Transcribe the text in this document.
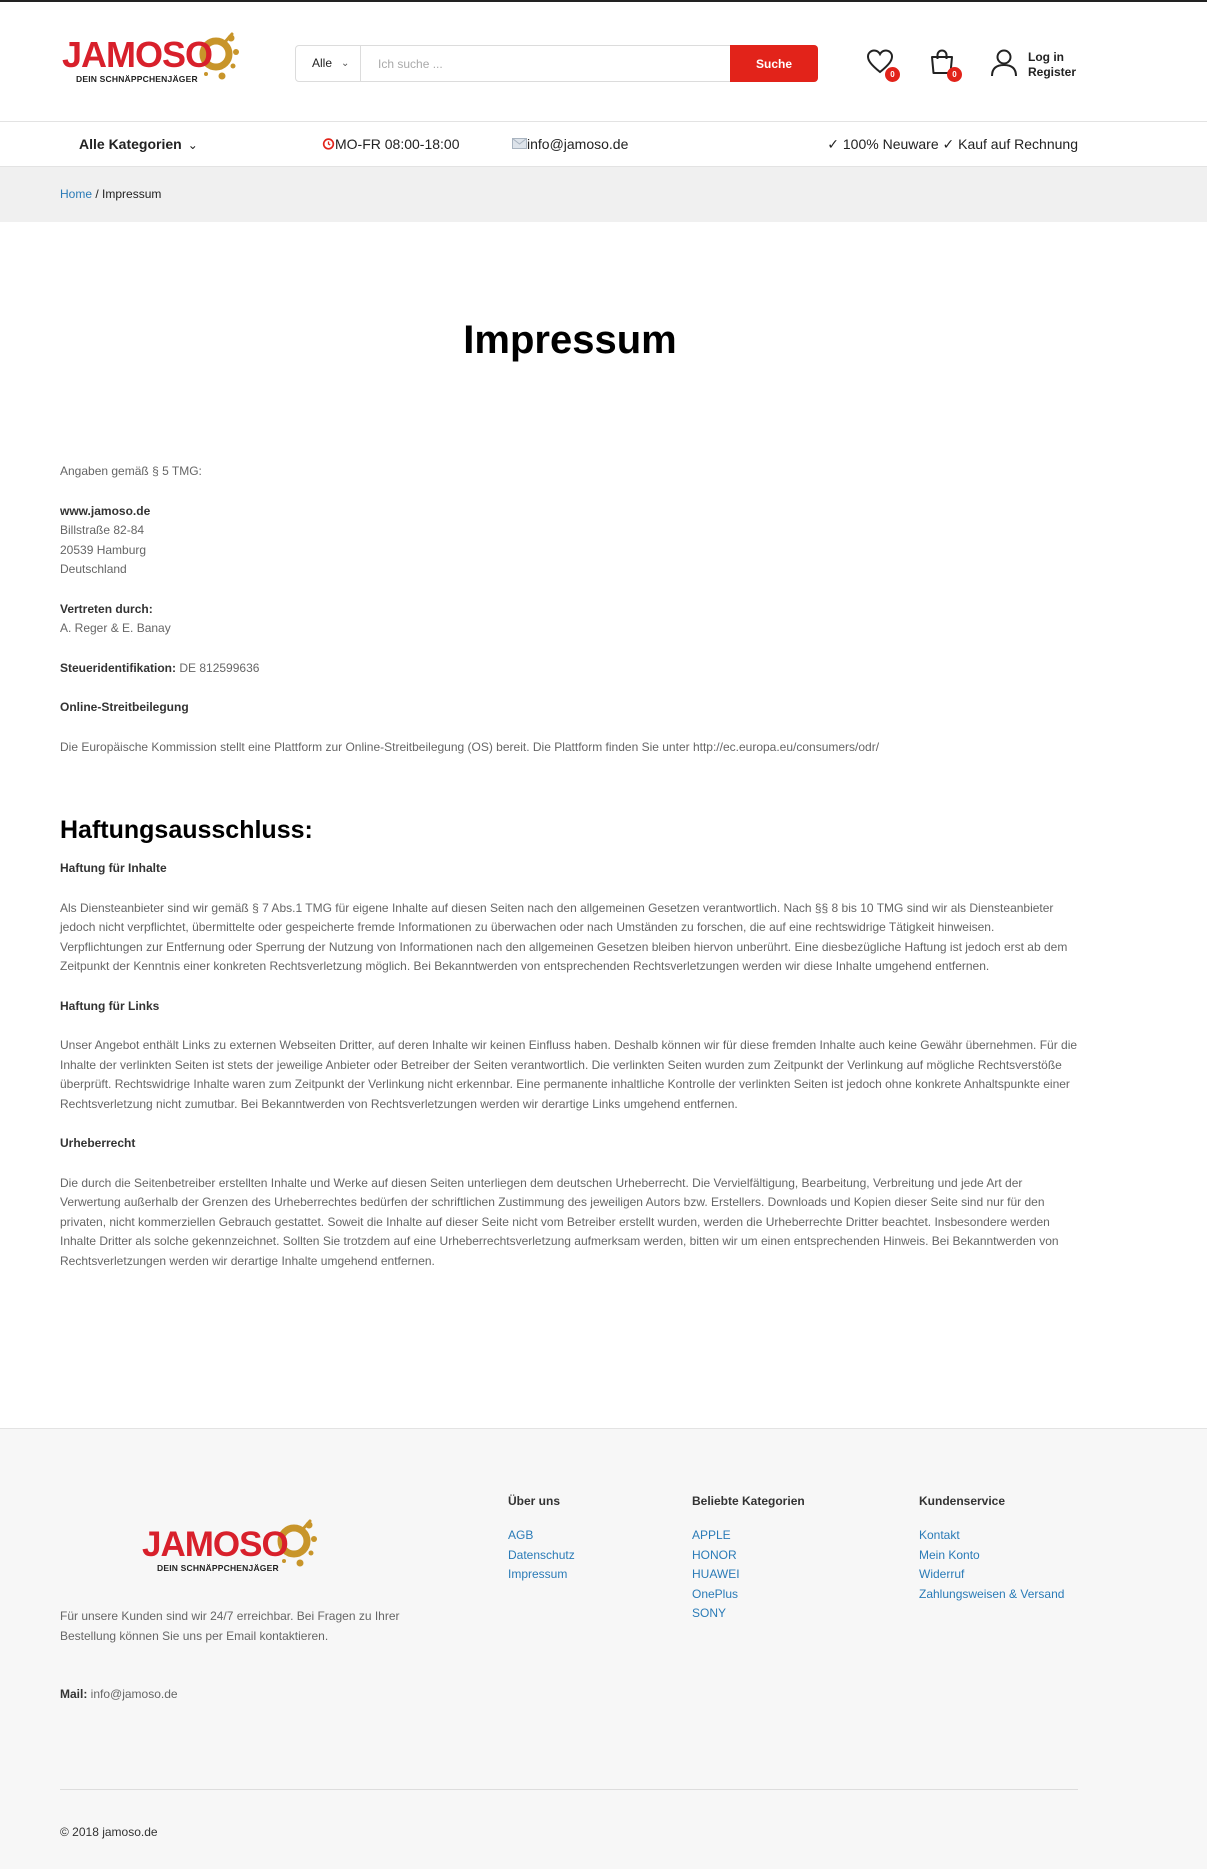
JAMOSO
DEIN SCHNÄPPCHENJÄGER
Alle ⌄
Ich suche ...	Suche
0	0
Log in
Register
Alle Kategorien ⌄	MO-FR 08:00-18:00	info@jamoso.de	✓ 100% Neuware ✓ Kauf auf Rechnung
Home / Impressum
Impressum

Angaben gemäß § 5 TMG:

www.jamoso.de

Billstraße 82-84

20539 Hamburg

Deutschland

Vertreten durch:

A. Reger & E. Banay

Steueridentifikation: DE 812599636

Online-Streitbeilegung

Die Europäische Kommission stellt eine Plattform zur Online-Streitbeilegung (OS) bereit. Die Plattform finden Sie unter http://ec.europa.eu/consumers/odr/

Haftungsausschluss:

Haftung für Inhalte

Als Diensteanbieter sind wir gemäß § 7 Abs.1 TMG für eigene Inhalte auf diesen Seiten nach den allgemeinen Gesetzen verantwortlich. Nach §§ 8 bis 10 TMG sind wir als Diensteanbieter jedoch nicht verpflichtet, übermittelte oder gespeicherte fremde Informationen zu überwachen oder nach Umständen zu forschen, die auf eine rechtswidrige Tätigkeit hinweisen. Verpflichtungen zur Entfernung oder Sperrung der Nutzung von Informationen nach den allgemeinen Gesetzen bleiben hiervon unberührt. Eine diesbezügliche Haftung ist jedoch erst ab dem Zeitpunkt der Kenntnis einer konkreten Rechtsverletzung möglich. Bei Bekanntwerden von entsprechenden Rechtsverletzungen werden wir diese Inhalte umgehend entfernen.

Haftung für Links

Unser Angebot enthält Links zu externen Webseiten Dritter, auf deren Inhalte wir keinen Einfluss haben. Deshalb können wir für diese fremden Inhalte auch keine Gewähr übernehmen. Für die Inhalte der verlinkten Seiten ist stets der jeweilige Anbieter oder Betreiber der Seiten verantwortlich. Die verlinkten Seiten wurden zum Zeitpunkt der Verlinkung auf mögliche Rechtsverstöße überprüft. Rechtswidrige Inhalte waren zum Zeitpunkt der Verlinkung nicht erkennbar. Eine permanente inhaltliche Kontrolle der verlinkten Seiten ist jedoch ohne konkrete Anhaltspunkte einer Rechtsverletzung nicht zumutbar. Bei Bekanntwerden von Rechtsverletzungen werden wir derartige Links umgehend entfernen.

Urheberrecht

Die durch die Seitenbetreiber erstellten Inhalte und Werke auf diesen Seiten unterliegen dem deutschen Urheberrecht. Die Vervielfältigung, Bearbeitung, Verbreitung und jede Art der Verwertung außerhalb der Grenzen des Urheberrechtes bedürfen der schriftlichen Zustimmung des jeweiligen Autors bzw. Erstellers. Downloads und Kopien dieser Seite sind nur für den privaten, nicht kommerziellen Gebrauch gestattet. Soweit die Inhalte auf dieser Seite nicht vom Betreiber erstellt wurden, werden die Urheberrechte Dritter beachtet. Insbesondere werden Inhalte Dritter als solche gekennzeichnet. Sollten Sie trotzdem auf eine Urheberrechtsverletzung aufmerksam werden, bitten wir um einen entsprechenden Hinweis. Bei Bekanntwerden von Rechtsverletzungen werden wir derartige Inhalte umgehend entfernen.

JAMOSO
DEIN SCHNÄPPCHENJÄGER

Für unsere Kunden sind wir 24/7 erreichbar. Bei Fragen zu Ihrer Bestellung können Sie uns per Email kontaktieren.

Mail: info@jamoso.de

Über uns
AGB
Datenschutz
Impressum
Beliebte Kategorien
APPLE
HONOR
HUAWEI
OnePlus
SONY
Kundenservice
Kontakt
Mein Konto
Widerruf
Zahlungsweisen & Versand

© 2018 jamoso.de
